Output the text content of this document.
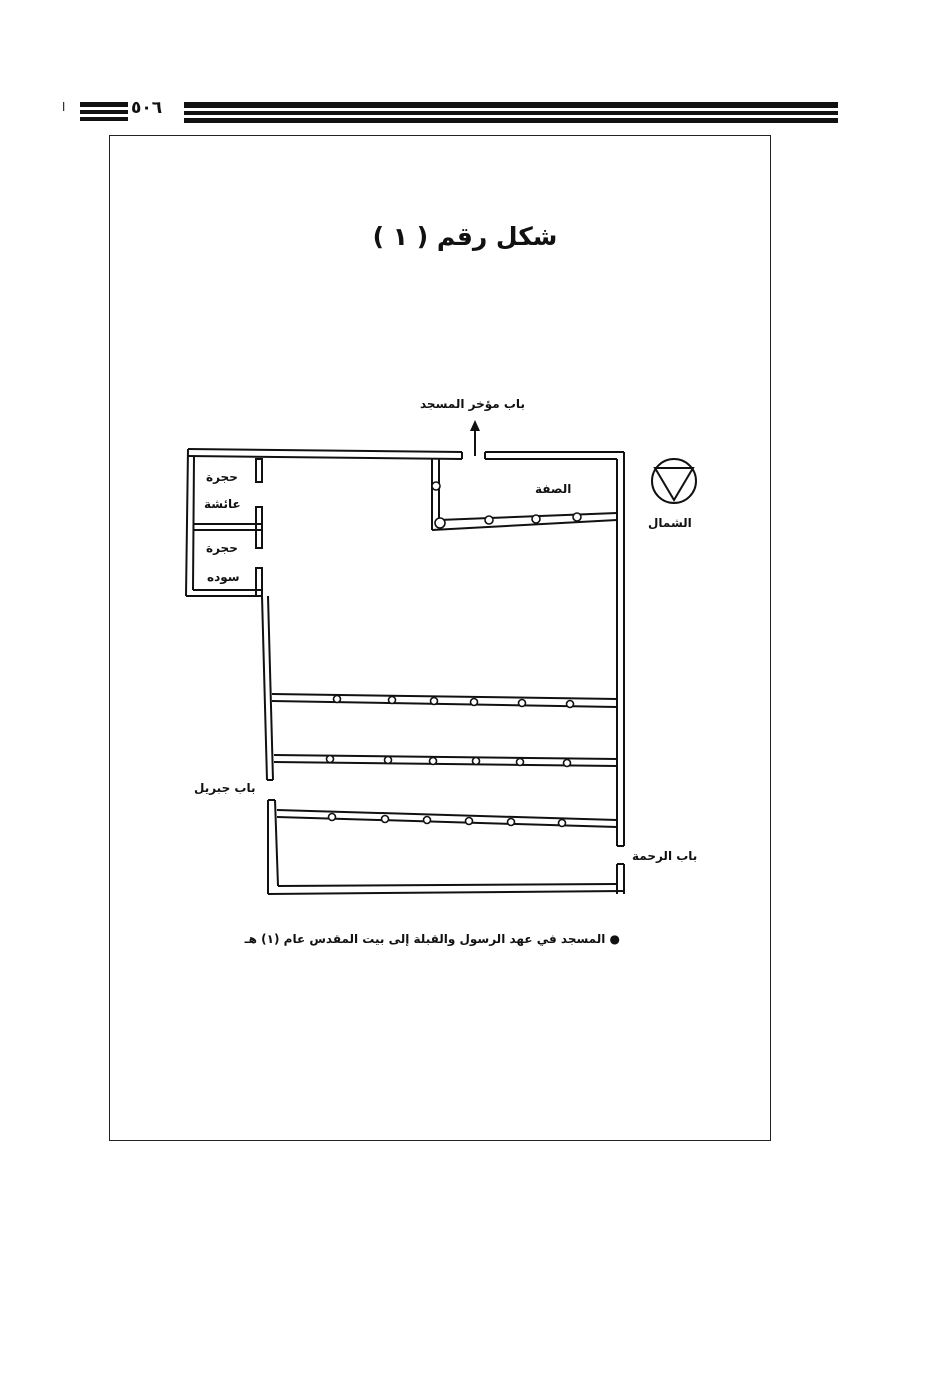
ا	٥٠٦
شكل رقم ( ١ )
باب مؤخر المسجد
الصفة
الشمال
حجرة
عائشة
حجرة
سوده
باب جبريل
باب الرحمة
● المسجد في عهد الرسول والقبلة إلى بيت المقدس عام (١) هـ
